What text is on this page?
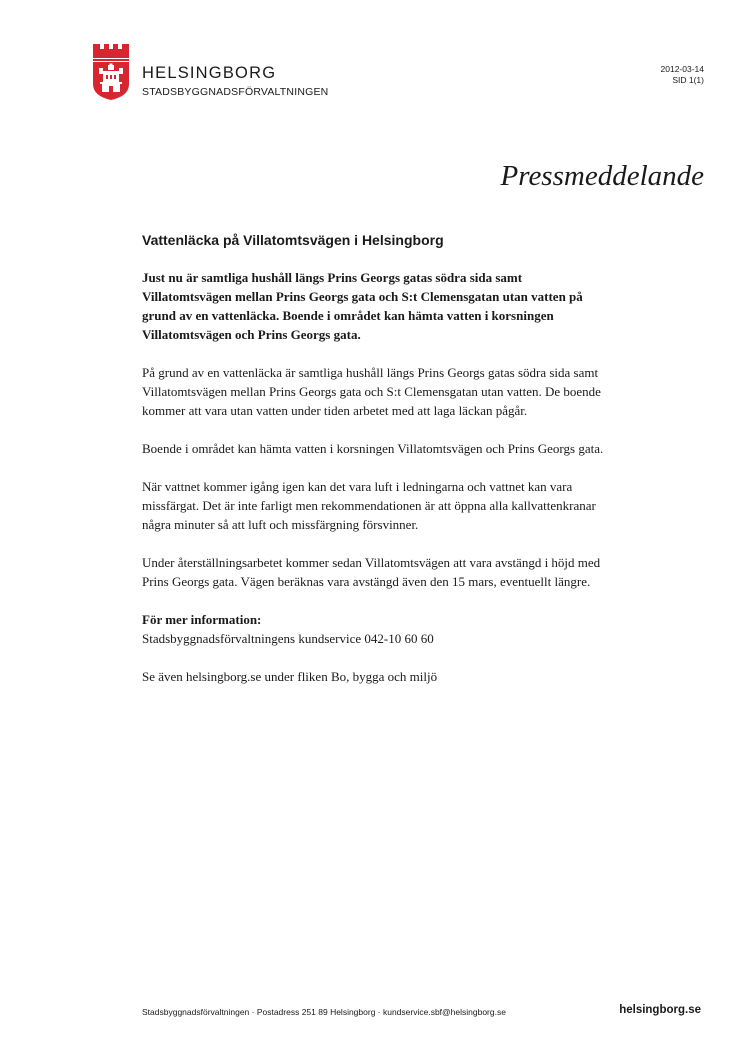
HELSINGBORG
STADSBYGGNADSFÖRVALTNINGEN
2012-03-14
SID 1(1)
Pressmeddelande
Vattenläcka på Villatomtsvägen i Helsingborg

Just nu är samtliga hushåll längs Prins Georgs gatas södra sida samt Villatomtsvägen mellan Prins Georgs gata och S:t Clemensgatan utan vatten på grund av en vattenläcka. Boende i området kan hämta vatten i korsningen Villatomtsvägen och Prins Georgs gata.

På grund av en vattenläcka är samtliga hushåll längs Prins Georgs gatas södra sida samt Villatomtsvägen mellan Prins Georgs gata och S:t Clemensgatan utan vatten. De boende kommer att vara utan vatten under tiden arbetet med att laga läckan pågår.

Boende i området kan hämta vatten i korsningen Villatomtsvägen och Prins Georgs gata.

När vattnet kommer igång igen kan det vara luft i ledningarna och vattnet kan vara missfärgat. Det är inte farligt men rekommendationen är att öppna alla kallvattenkranar några minuter så att luft och missfärgning försvinner.

Under återställningsarbetet kommer sedan Villatomtsvägen att vara avstängd i höjd med Prins Georgs gata. Vägen beräknas vara avstängd även den 15 mars, eventuellt längre.

För mer information:
Stadsbyggnadsförvaltningens kundservice 042-10 60 60

Se även helsingborg.se under fliken Bo, bygga och miljö

Stadsbyggnadsförvaltningen · Postadress 251 89 Helsingborg · kundservice.sbf@helsingborg.se	helsingborg.se
